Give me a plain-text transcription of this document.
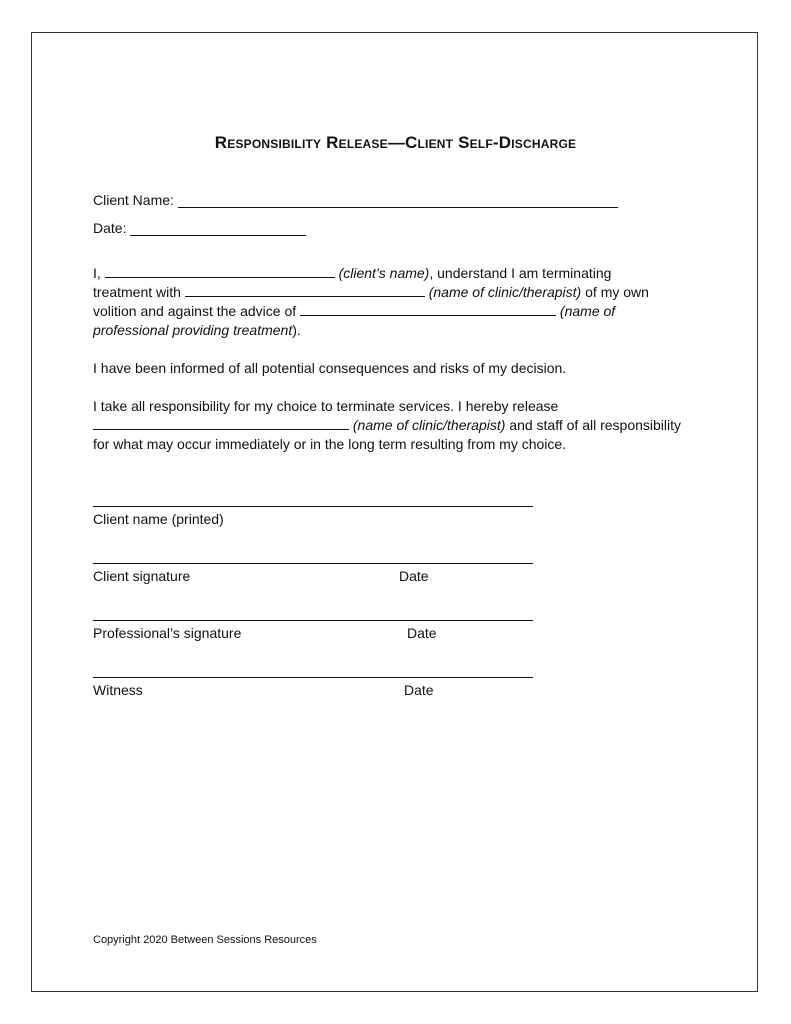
Responsibility Release—Client Self-Discharge
Client Name:
Date:
I,	(client’s name), understand I am terminating
treatment with	(name of clinic/therapist) of my own
volition and against the advice of	(name of
professional providing treatment).
I have been informed of all potential consequences and risks of my decision.
I take all responsibility for my choice to terminate services. I hereby release
(name of clinic/therapist) and staff of all responsibility
for what may occur immediately or in the long term resulting from my choice.
Client name (printed)
Client signature	Date
Professional’s signature	Date
Witness	Date
Copyright 2020 Between Sessions Resources
